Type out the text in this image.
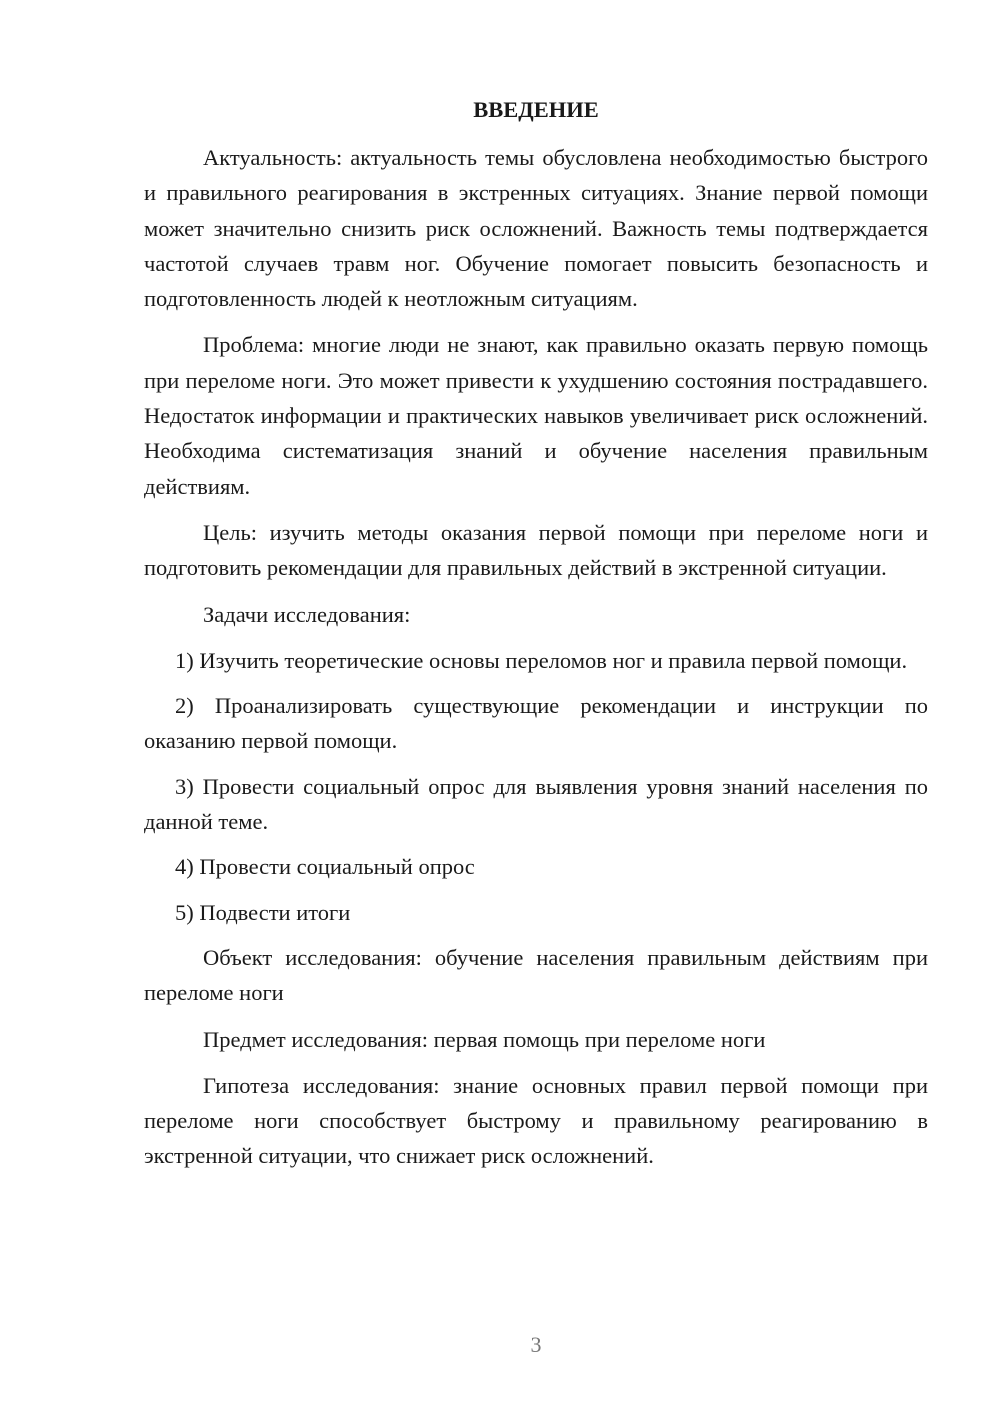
ВВЕДЕНИЕ
Актуальность: актуальность темы обусловлена необходимостью быстрого и правильного реагирования в экстренных ситуациях. Знание первой помощи может значительно снизить риск осложнений. Важность темы подтверждается частотой случаев травм ног. Обучение помогает повысить безопасность и подготовленность людей к неотложным ситуациям.
Проблема: многие люди не знают, как правильно оказать первую помощь при переломе ноги. Это может привести к ухудшению состояния пострадавшего. Недостаток информации и практических навыков увеличивает риск осложнений. Необходима систематизация знаний и обучение населения правильным действиям.
Цель: изучить методы оказания первой помощи при переломе ноги и подготовить рекомендации для правильных действий в экстренной ситуации.
Задачи исследования:
1) Изучить теоретические основы переломов ног и правила первой помощи.
2) Проанализировать существующие рекомендации и инструкции по оказанию первой помощи.
3) Провести социальный опрос для выявления уровня знаний населения по данной теме.
4) Провести социальный опрос
5) Подвести итоги
Объект исследования: обучение населения правильным действиям при переломе ноги
Предмет исследования: первая помощь при переломе ноги
Гипотеза исследования: знание основных правил первой помощи при переломе ноги способствует быстрому и правильному реагированию в экстренной ситуации, что снижает риск осложнений.
3
